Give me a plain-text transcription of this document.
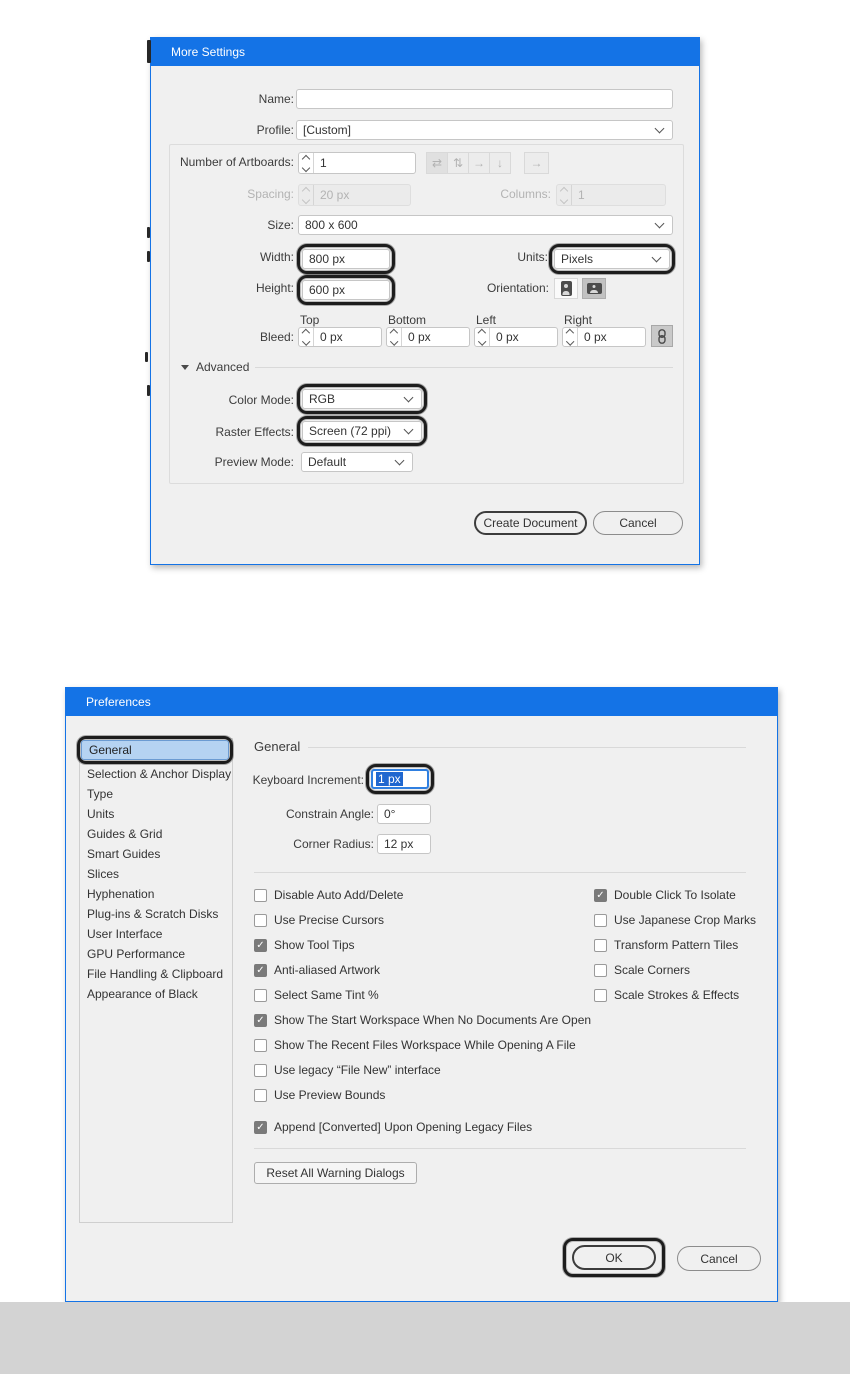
More Settings
Name:
Profile: [Custom]
Number of Artboards:	1	⇄ ⇅ →	↓	→
Spacing:	20 px	Columns:	1
Size: 800 x 600
Width: 800 px	Units: Pixels
Height: 600 px	Orientation:
Top	Bottom	Left	Right
Bleed:	0 px	0 px	0 px	0 px
Advanced
Color Mode: RGB
Raster Effects: Screen (72 ppi)
Preview Mode: Default
Create Document	Cancel
Preferences
General
Selection & Anchor Display
Type
Units
Guides & Grid
Smart Guides
Slices
Hyphenation
Plug-ins & Scratch Disks
User Interface
GPU Performance
File Handling & Clipboard
Appearance of Black
General
Keyboard Increment: 1 px
Constrain Angle: 0°
Corner Radius: 12 px
Disable Auto Add/Delete
Use Precise Cursors
✓ Show Tool Tips
✓ Anti-aliased Artwork
Select Same Tint %
✓ Double Click To Isolate
Use Japanese Crop Marks
Transform Pattern Tiles
Scale Corners
Scale Strokes & Effects
✓ Show The Start Workspace When No Documents Are Open
Show The Recent Files Workspace While Opening A File
Use legacy “File New” interface
Use Preview Bounds
✓ Append [Converted] Upon Opening Legacy Files
Reset All Warning Dialogs
OK	Cancel
